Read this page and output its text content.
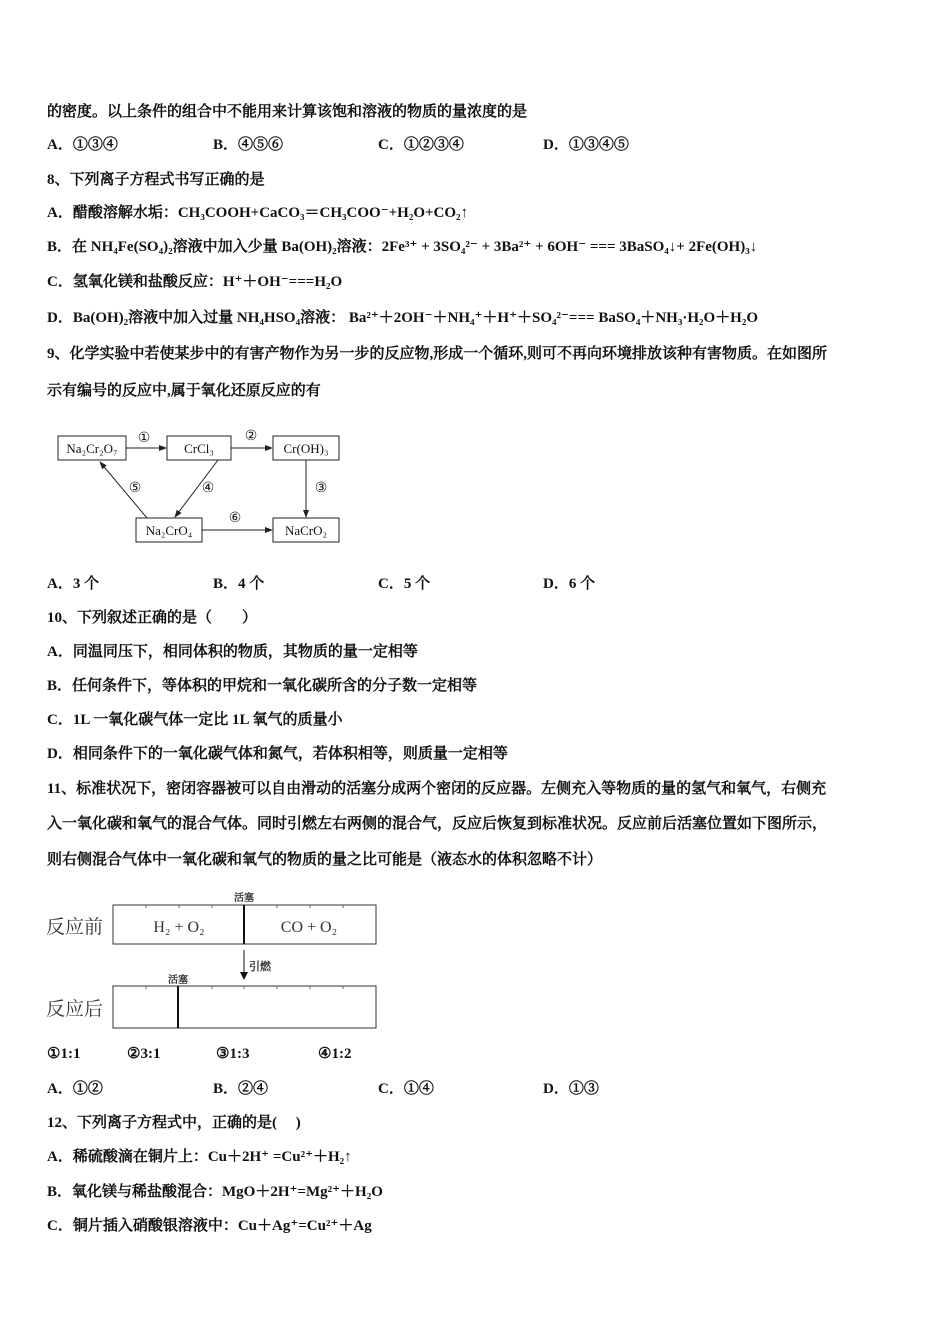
的密度。以上条件的组合中不能用来计算该饱和溶液的物质的量浓度的是
A．①③④	B．④⑤⑥	C．①②③④	D．①③④⑤
8、下列离子方程式书写正确的是
A．醋酸溶解水垢：CH₃COOH+CaCO₃＝CH₃COO⁻+H₂O+CO₂↑
B．在 NH₄Fe(SO₄)₂溶液中加入少量 Ba(OH)₂溶液：2Fe³⁺ + 3SO₄²⁻ + 3Ba²⁺ + 6OH⁻ === 3BaSO₄↓+ 2Fe(OH)₃↓
C．氢氧化镁和盐酸反应：H⁺＋OH⁻===H₂O
D．Ba(OH)₂溶液中加入过量 NH₄HSO₄溶液： Ba²⁺＋2OH⁻＋NH₄⁺＋H⁺＋SO₄²⁻=== BaSO₄＋NH₃·H₂O＋H₂O
9、化学实验中若使某步中的有害产物作为另一步的反应物,形成一个循环,则可不再向环境排放该种有害物质。在如图所
示有编号的反应中,属于氧化还原反应的有
Na₂Cr₂O₇	CrCl₃	Cr(OH)₃
Na₂CrO₄	NaCrO₂
①	②
③
④
⑤
⑥
A．3 个	B．4 个	C．5 个	D．6 个
10、下列叙述正确的是（　　）
A．同温同压下，相同体积的物质，其物质的量一定相等
B．任何条件下，等体积的甲烷和一氧化碳所含的分子数一定相等
C．1L 一氧化碳气体一定比 1L 氧气的质量小
D．相同条件下的一氧化碳气体和氮气，若体积相等，则质量一定相等
11、标准状况下，密闭容器被可以自由滑动的活塞分成两个密闭的反应器。左侧充入等物质的量的氢气和氧气，右侧充
入一氧化碳和氧气的混合气体。同时引燃左右两侧的混合气，反应后恢复到标准状况。反应前后活塞位置如下图所示，
则右侧混合气体中一氧化碳和氧气的物质的量之比可能是（液态水的体积忽略不计）
反应前
反应后
活塞
活塞
引燃
H₂ + O₂	CO + O₂
①1:1	②3:1	③1:3	④1:2
A．①②	B．②④	C．①④	D．①③
12、下列离子方程式中，正确的是(　 )
A．稀硫酸滴在铜片上：Cu＋2H⁺ =Cu²⁺＋H₂↑
B．氧化镁与稀盐酸混合：MgO＋2H⁺=Mg²⁺＋H₂O
C．铜片插入硝酸银溶液中：Cu＋Ag⁺=Cu²⁺＋Ag
